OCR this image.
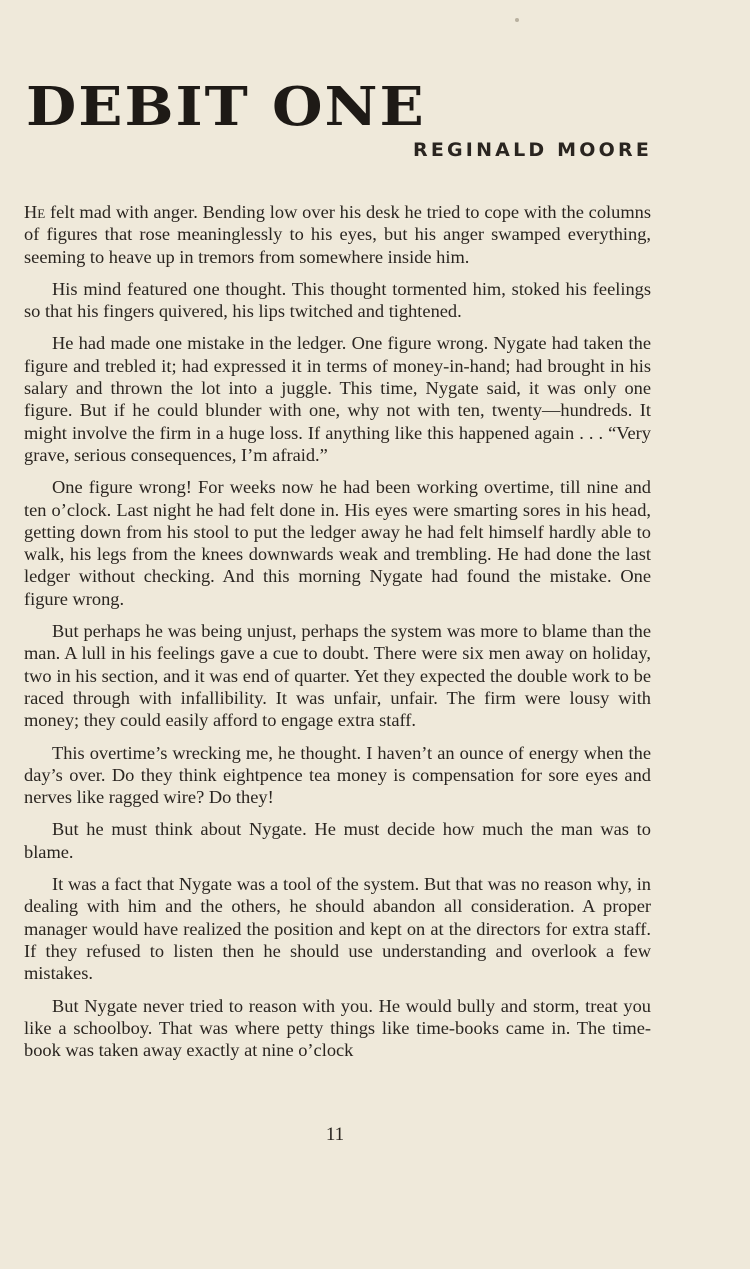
DEBIT ONE
REGINALD MOORE

He felt mad with anger. Bending low over his desk he tried to cope with the columns of figures that rose meaninglessly to his eyes, but his anger swamped everything, seeming to heave up in tremors from somewhere inside him.

His mind featured one thought. This thought tormented him, stoked his feelings so that his fingers quivered, his lips twitched and tightened.

He had made one mistake in the ledger. One figure wrong. Nygate had taken the figure and trebled it; had expressed it in terms of money-in-hand; had brought in his salary and thrown the lot into a juggle. This time, Nygate said, it was only one figure. But if he could blunder with one, why not with ten, twenty—hundreds. It might involve the firm in a huge loss. If anything like this happened again . . . “Very grave, serious consequences, I’m afraid.”

One figure wrong! For weeks now he had been working overtime, till nine and ten o’clock. Last night he had felt done in. His eyes were smarting sores in his head, getting down from his stool to put the ledger away he had felt himself hardly able to walk, his legs from the knees downwards weak and trembling. He had done the last ledger without checking. And this morning Nygate had found the mistake. One figure wrong.

But perhaps he was being unjust, perhaps the system was more to blame than the man. A lull in his feelings gave a cue to doubt. There were six men away on holiday, two in his section, and it was end of quarter. Yet they expected the double work to be raced through with infallibility. It was unfair, unfair. The firm were lousy with money; they could easily afford to engage extra staff.

This overtime’s wrecking me, he thought. I haven’t an ounce of energy when the day’s over. Do they think eightpence tea money is compensation for sore eyes and nerves like ragged wire? Do they!

But he must think about Nygate. He must decide how much the man was to blame.

It was a fact that Nygate was a tool of the system. But that was no reason why, in dealing with him and the others, he should abandon all consideration. A proper manager would have realized the position and kept on at the directors for extra staff. If they refused to listen then he should use understanding and overlook a few mistakes.

But Nygate never tried to reason with you. He would bully and storm, treat you like a schoolboy. That was where petty things like time-books came in. The time-book was taken away exactly at nine o’clock

11
